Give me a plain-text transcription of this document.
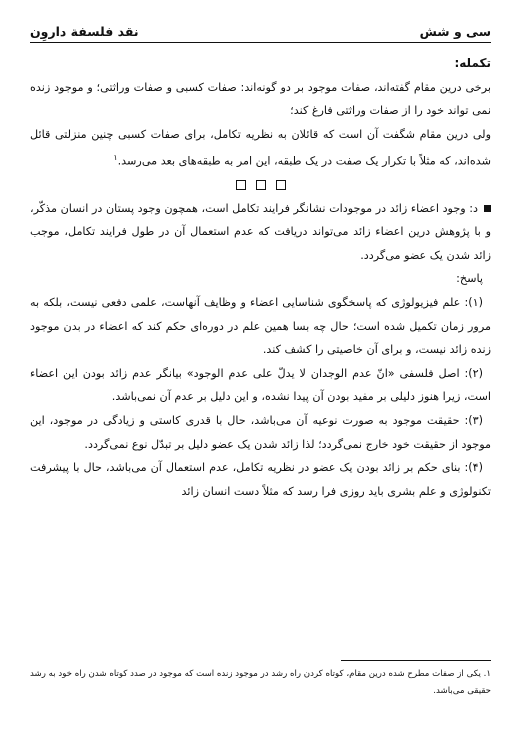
سی و شش
نقد فلسفة داروِن

تکمله:

برخی درین مقام گفته‌اند، صفات موجود بر دو گونه‌اند: صفات کسبی و صفات وراثتی؛ و موجود زنده نمی تواند خود را از صفات وراثتی فارغ کند؛

ولی درین مقام شگفت آن است که قائلان به نظریه تکامل، برای صفات کسبی چنین منزلتی قائل شده‌اند، که مثلاً با تکرار یک صفت در یک طبقه، این امر به طبقه‌های بعد می‌رسد.$^۱$

د: وجود اعضاء زائد در موجودات نشانگر فرایند تکامل است، همچون وجود پستان در انسان مذکّر، و با پژوهش درین اعضاء زائد می‌تواند دریافت که عدم استعمال آن در طول فرایند تکامل، موجب زائد شدن یک عضو می‌گردد.

پاسخ:

(۱): علم فیزیولوژی که پاسخگوی شناسایی اعضاء و وظایف آنهاست، علمی دفعی نیست، بلکه به مرور زمان تکمیل شده است؛ حال چه بسا همین علم در دوره‌ای حکم کند که اعضاء در بدن موجود زنده زائد نیست، و برای آن خاصیتی را کشف کند.

(۲): اصل فلسفی «انّ عدم الوجدان لا یدلّ علی عدم الوجود» بیانگر عدم زائد بودن این اعضاء است، زیرا هنوز دلیلی بر مفید بودن آن پیدا نشده، و این دلیل بر عدم آن نمی‌باشد.

(۳): حقیقت موجود به صورت نوعیه آن می‌باشد، حال با قدری کاستی و زیادگی در موجود، این موجود از حقیقت خود خارج نمی‌گردد؛ لذا زائد شدن یک عضو دلیل بر تبدّل نوع نمی‌گردد.

(۴): بنای حکم بر زائد بودن یک عضو در نظریه تکامل، عدم استعمال آن می‌باشد، حال با پیشرفت تکنولوژی و علم بشری باید روزی فرا رسد که مثلاً دست انسان زائد

۱. یکی از صفات مطرح شده درین مقام، کوتاه کردن راه رشد در موجود زنده است که موجود در صدد کوتاه شدن راه خود به رشد حقیقی می‌باشد.
